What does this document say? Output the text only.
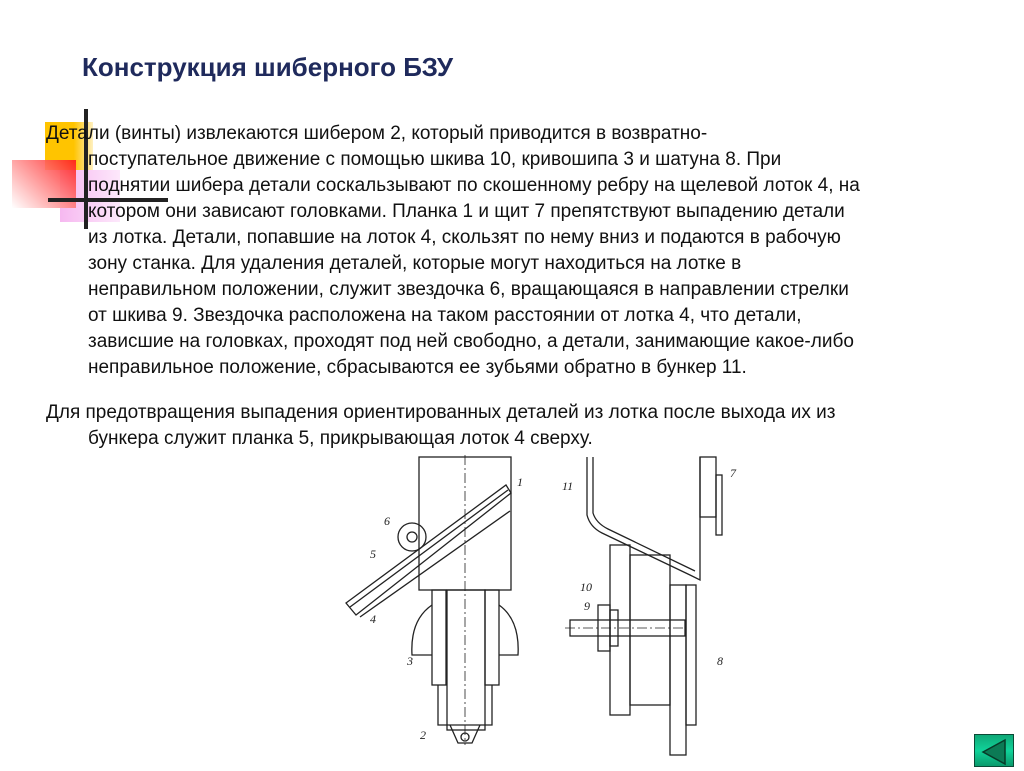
Конструкция шиберного БЗУ
Детали (винты) извлекаются шибером 2, который приводится в возвратно-
поступательное движение с помощью шкива 10, кривошипа 3 и шатуна 8. При
поднятии шибера детали соскальзывают по скошенному ребру на щелевой лоток 4, на
котором они зависают головками. Планка 1 и щит 7 препятствуют выпадению детали
из лотка. Детали, попавшие на лоток 4, скользят по нему вниз и подаются в рабочую
зону станка. Для удаления деталей, которые могут находиться на лотке в
неправильном положении, служит звездочка 6, вращающаяся в направлении стрелки
от шкива 9. Звездочка расположена на таком расстоянии от лотка 4, что детали,
зависшие на головках, проходят под ней свободно, а детали, занимающие какое-либо
неправильное положение, сбрасываются ее зубьями обратно в бункер 11.
Для предотвращения выпадения ориентированных деталей из лотка после выхода их из
бункера служит планка 5, прикрывающая лоток 4 сверху.
1
2
3
4
5
6
7
8
9
10
11
